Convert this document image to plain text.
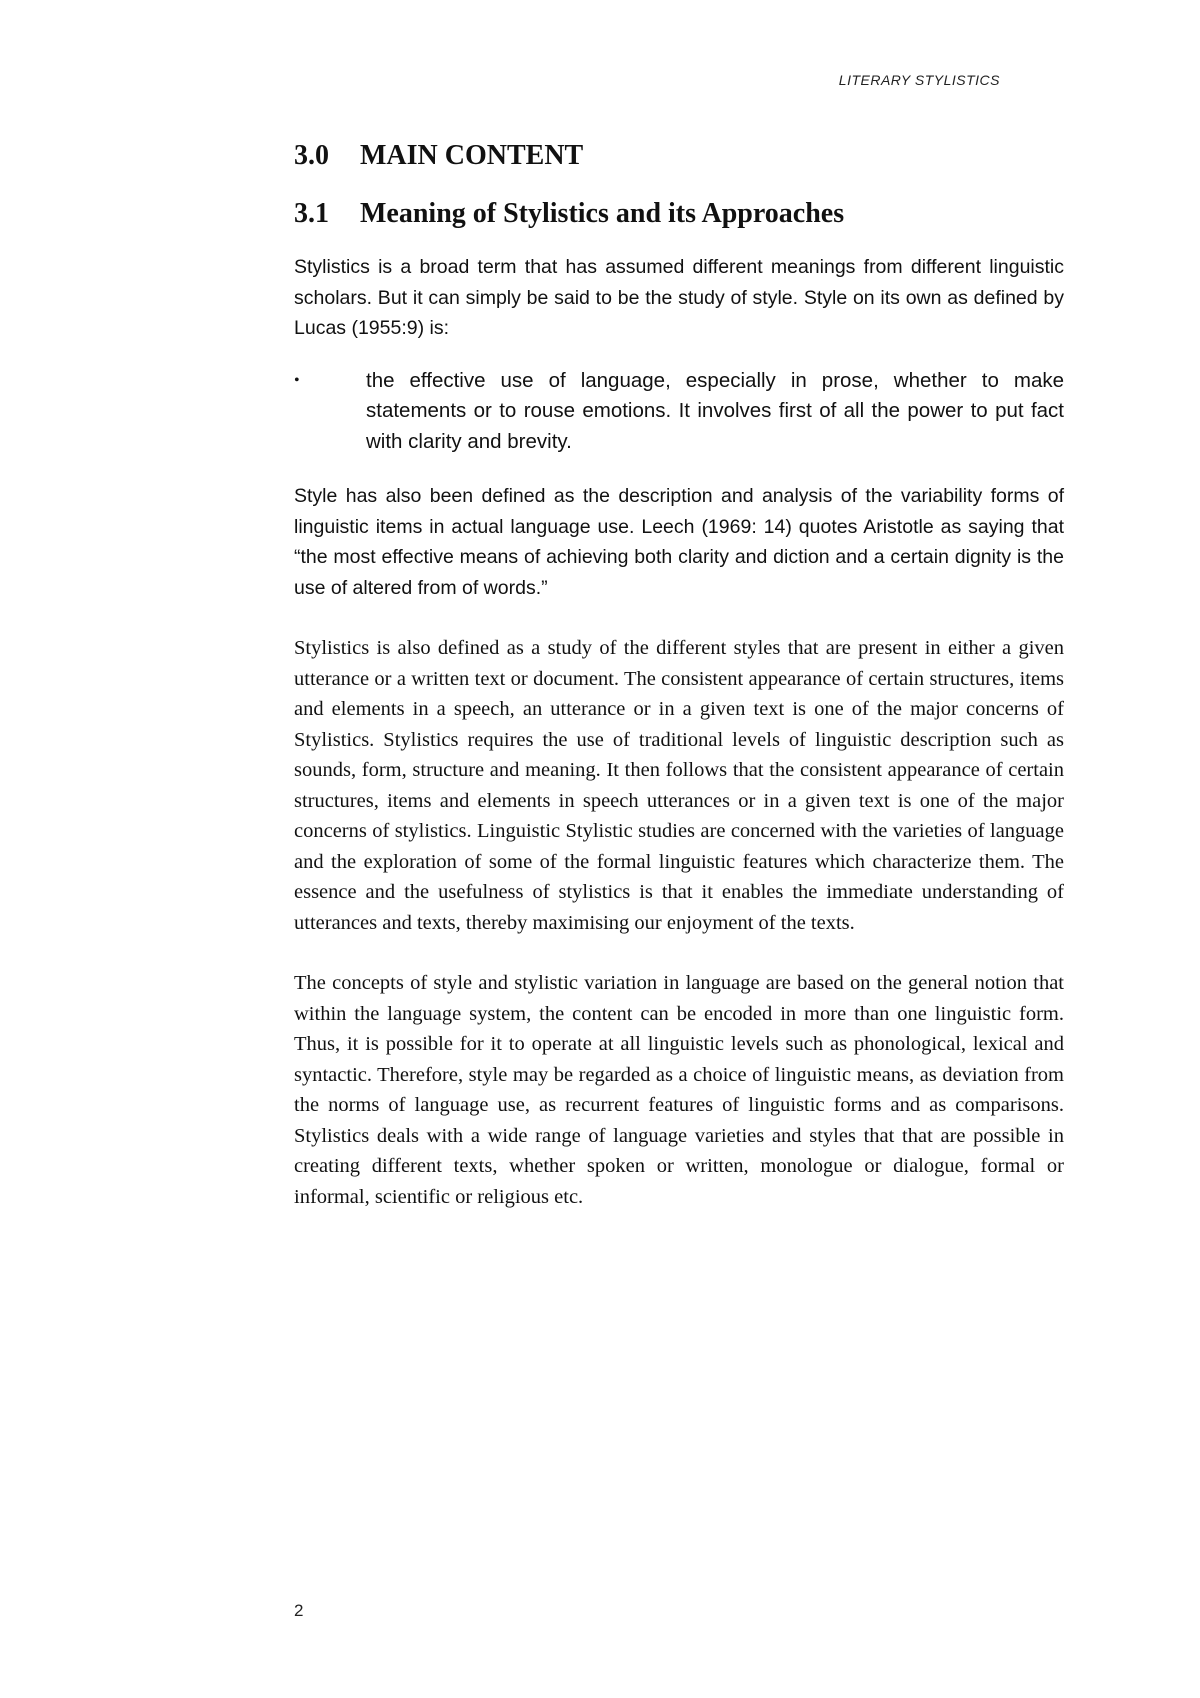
LITERARY STYLISTICS
3.0	MAIN CONTENT
3.1	Meaning of Stylistics and its Approaches

Stylistics is a broad term that has assumed different meanings from different linguistic scholars. But it can simply be said to be the study of style. Style on its own as defined by Lucas (1955:9) is:

•	the effective use of language, especially in prose, whether to make statements or to rouse emotions. It involves first of all the power to put fact with clarity and brevity.

Style has also been defined as the description and analysis of the variability forms of linguistic items in actual language use. Leech (1969: 14) quotes Aristotle as saying that “the most effective means of achieving both clarity and diction and a certain dignity is the use of altered from of words.”

Stylistics is also defined as a study of the different styles that are present in either a given utterance or a written text or document. The consistent appearance of certain structures, items and elements in a speech, an utterance or in a given text is one of the major concerns of Stylistics. Stylistics requires the use of traditional levels of linguistic description such as sounds, form, structure and meaning. It then follows that the consistent appearance of certain structures, items and elements in speech utterances or in a given text is one of the major concerns of stylistics. Linguistic Stylistic studies are concerned with the varieties of language and the exploration of some of the formal linguistic features which characterize them. The essence and the usefulness of stylistics is that it enables the immediate understanding of utterances and texts, thereby maximising our enjoyment of the texts.

The concepts of style and stylistic variation in language are based on the general notion that within the language system, the content can be encoded in more than one linguistic form. Thus, it is possible for it to operate at all linguistic levels such as phonological, lexical and syntactic. Therefore, style may be regarded as a choice of linguistic means, as deviation from the norms of language use, as recurrent features of linguistic forms and as comparisons. Stylistics deals with a wide range of language varieties and styles that that are possible in creating different texts, whether spoken or written, monologue or dialogue, formal or informal, scientific or religious etc.

2
